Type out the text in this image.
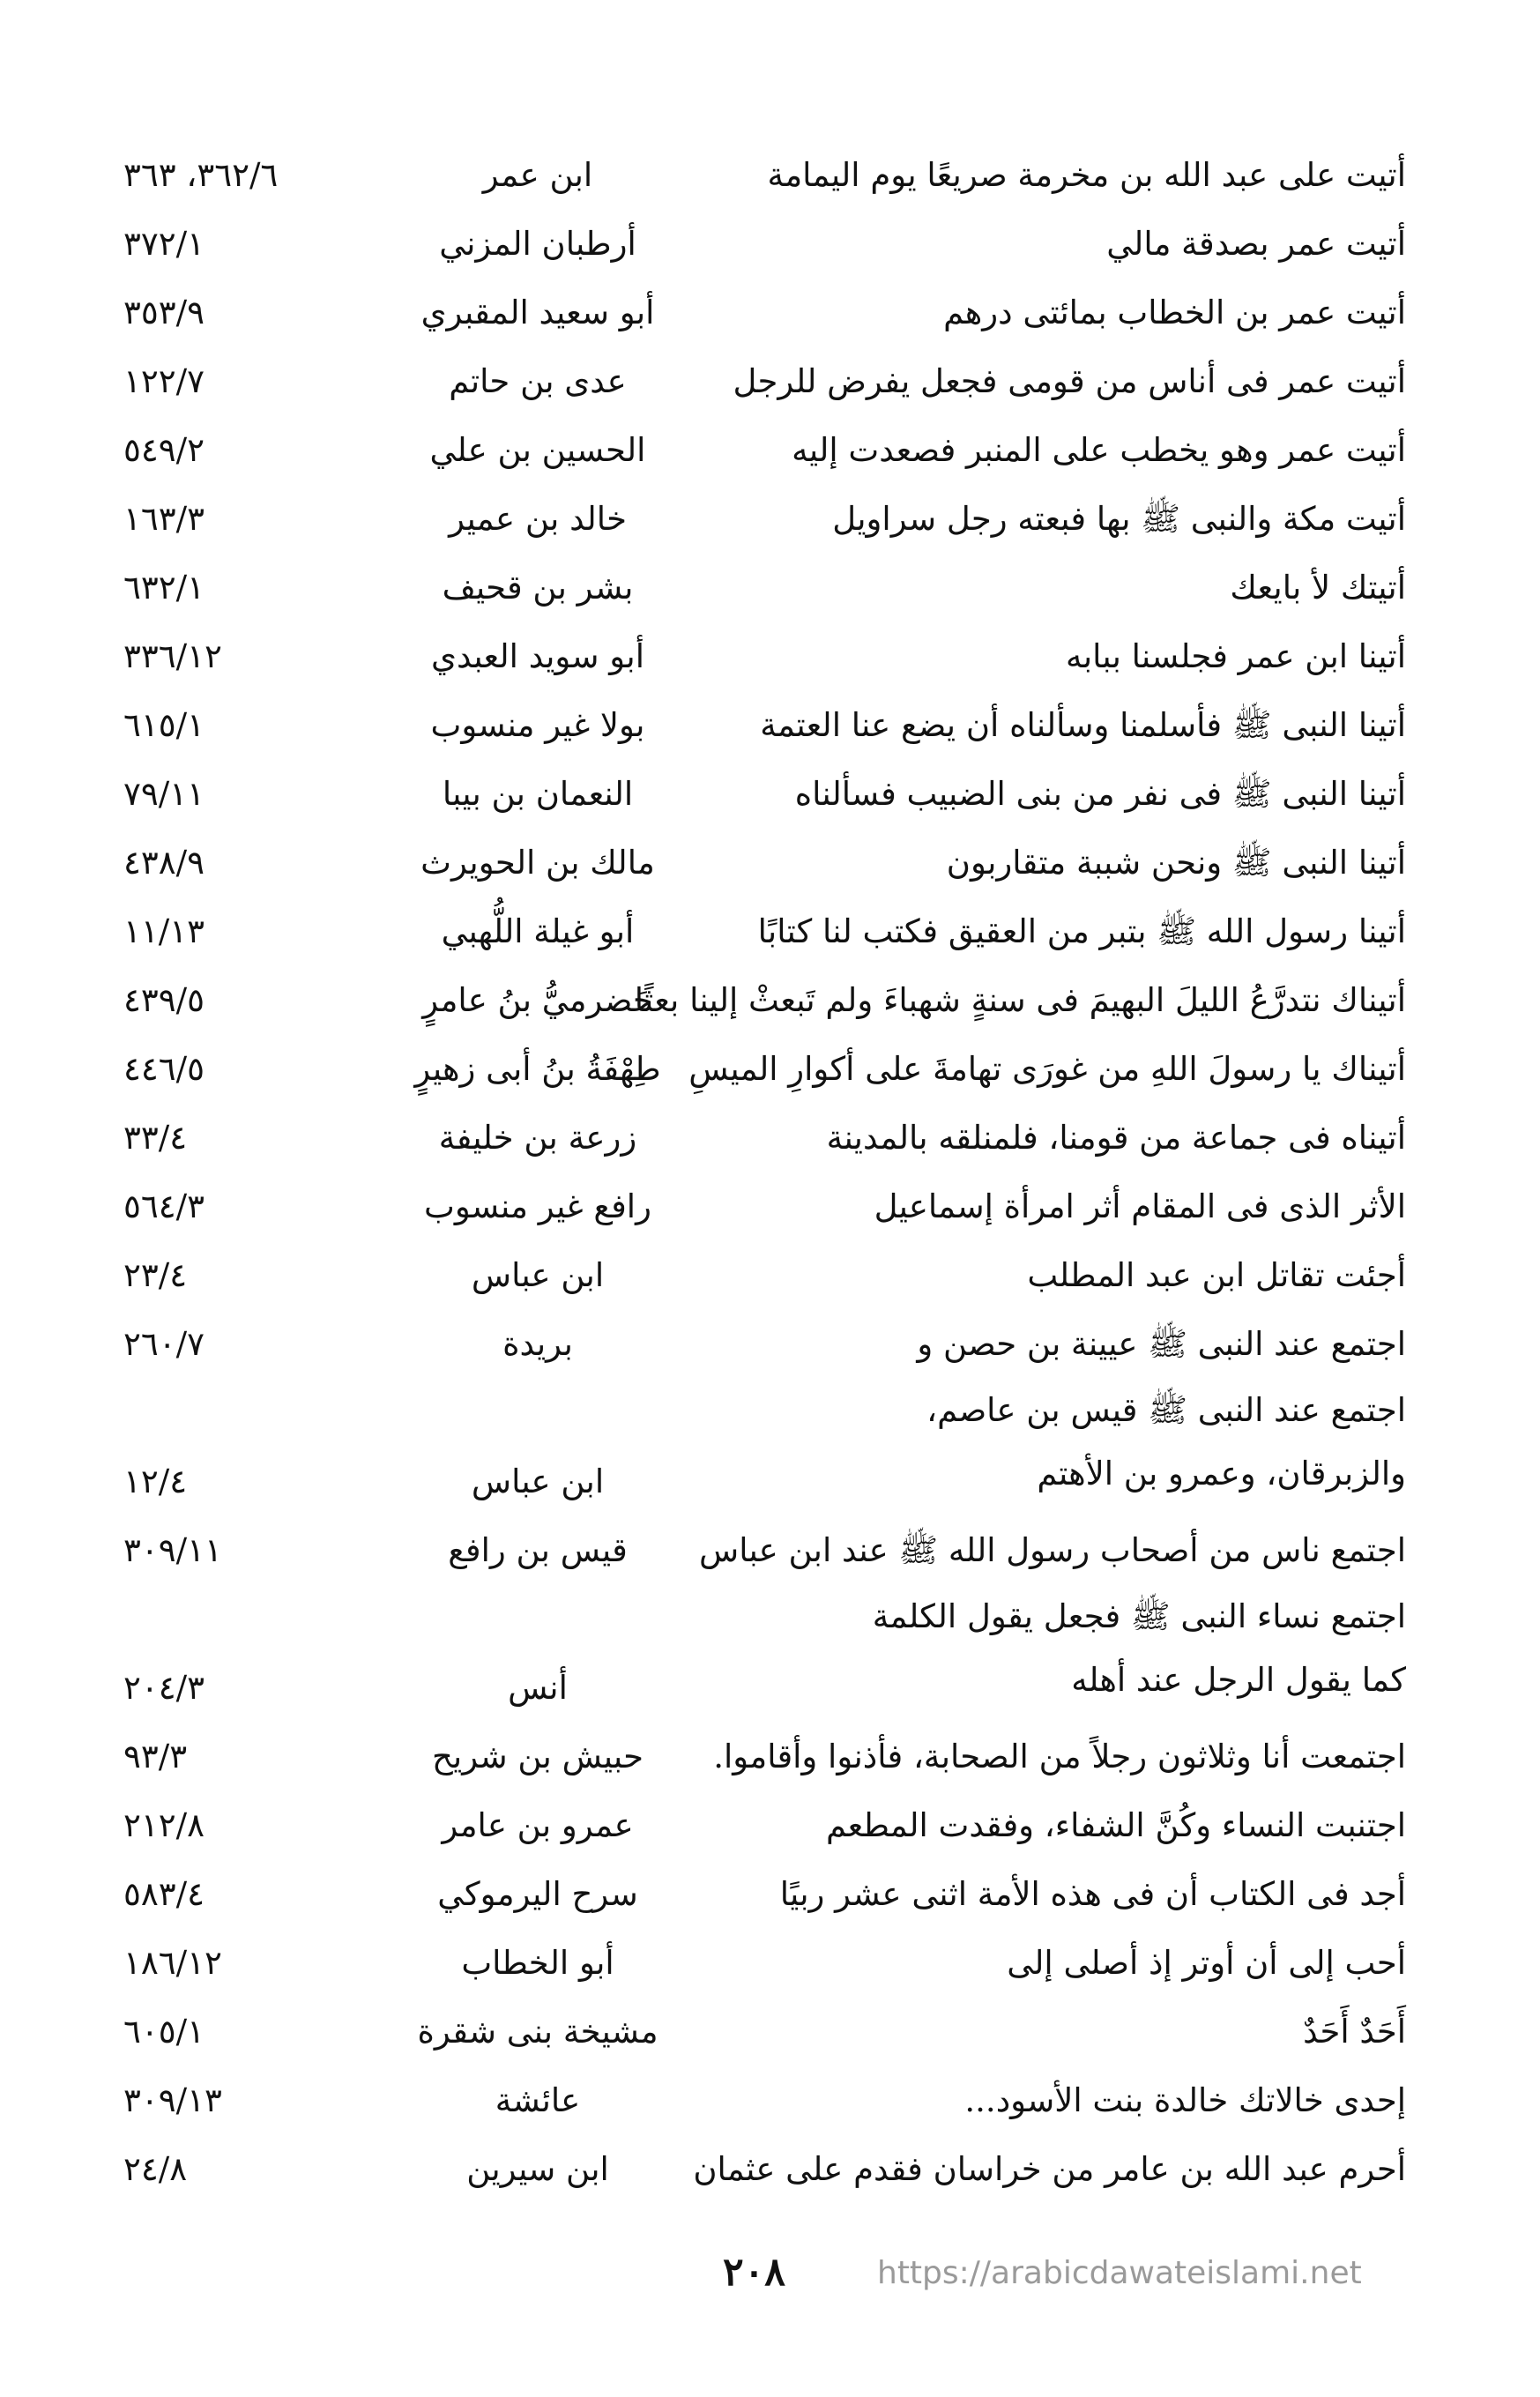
أتيت على عبد الله بن مخرمة صريعًا يوم اليمامة
ابن عمر
٣٦٢/٦، ٣٦٣
أتيت عمر بصدقة مالي
أرطبان المزني
٣٧٢/١
أتيت عمر بن الخطاب بمائتى درهم
أبو سعيد المقبري
٣٥٣/٩
أتيت عمر فى أناس من قومى فجعل يفرض للرجل
عدى بن حاتم
١٢٢/٧
أتيت عمر وهو يخطب على المنبر فصعدت إليه
الحسين بن علي
٥٤٩/٢
أتيت مكة والنبى ﷺ بها فبعته رجل سراويل
خالد بن عمير
١٦٣/٣
أتيتك لأ بايعك
بشر بن قحيف
٦٣٢/١
أتينا ابن عمر فجلسنا ببابه
أبو سويد العبدي
٣٣٦/١٢
أتينا النبى ﷺ فأسلمنا وسألناه أن يضع عنا العتمة
بولا غير منسوب
٦١٥/١
أتينا النبى ﷺ فى نفر من بنى الضبيب فسألناه
النعمان بن بيبا
٧٩/١١
أتينا النبى ﷺ ونحن شببة متقاربون
مالك بن الحويرث
٤٣٨/٩
أتينا رسول الله ﷺ بتبر من العقيق فكتب لنا كتابًا
أبو غيلة اللُّهبي
١١/١٣
أتيناك نتدرَّعُ الليلَ البهيمَ فى سنةٍ شهباءَ ولم تَبعثْ إلينا بعثًا
حَضرميُّ بنُ عامرٍ
٤٣٩/٥
أتيناك يا رسولَ اللهِ من غورَى تهامةَ على أكوارِ الميسِ
طِهْفَةُ بنُ أبى زهيرٍ
٤٤٦/٥
أتيناه فى جماعة من قومنا، فلمنلقه بالمدينة
زرعة بن خليفة
٣٣/٤
الأثر الذى فى المقام أثر امرأة إسماعيل
رافع غير منسوب
٥٦٤/٣
أجئت تقاتل ابن عبد المطلب
ابن عباس
٢٣/٤
اجتمع عند النبى ﷺ عيينة بن حصن و
بريدة
٢٦٠/٧
اجتمع عند النبى ﷺ قيس بن عاصم، والزبرقان، وعمرو بن الأهتم
ابن عباس
١٢/٤
اجتمع ناس من أصحاب رسول الله ﷺ عند ابن عباس
قيس بن رافع
٣٠٩/١١
اجتمع نساء النبى ﷺ فجعل يقول الكلمة كما يقول الرجل عند أهله
أنس
٢٠٤/٣
اجتمعت أنا وثلاثون رجلاً من الصحابة، فأذنوا وأقاموا.
حبيش بن شريح
٩٣/٣
اجتنبت النساء وكُنَّ الشفاء، وفقدت المطعم
عمرو بن عامر
٢١٢/٨
أجد فى الكتاب أن فى هذه الأمة اثنى عشر ربيًا
سرح اليرموكي
٥٨٣/٤
أحب إلى أن أوتر إذ أصلى إلى
أبو الخطاب
١٨٦/١٢
أَحَدٌ أَحَدٌ
مشيخة بنى شقرة
٦٠٥/١
إحدى خالاتك خالدة بنت الأسود...
عائشة
٣٠٩/١٣
أحرم عبد الله بن عامر من خراسان فقدم على عثمان
ابن سيرين
٢٤/٨
٢٠٨	https://arabicdawateislami.net
